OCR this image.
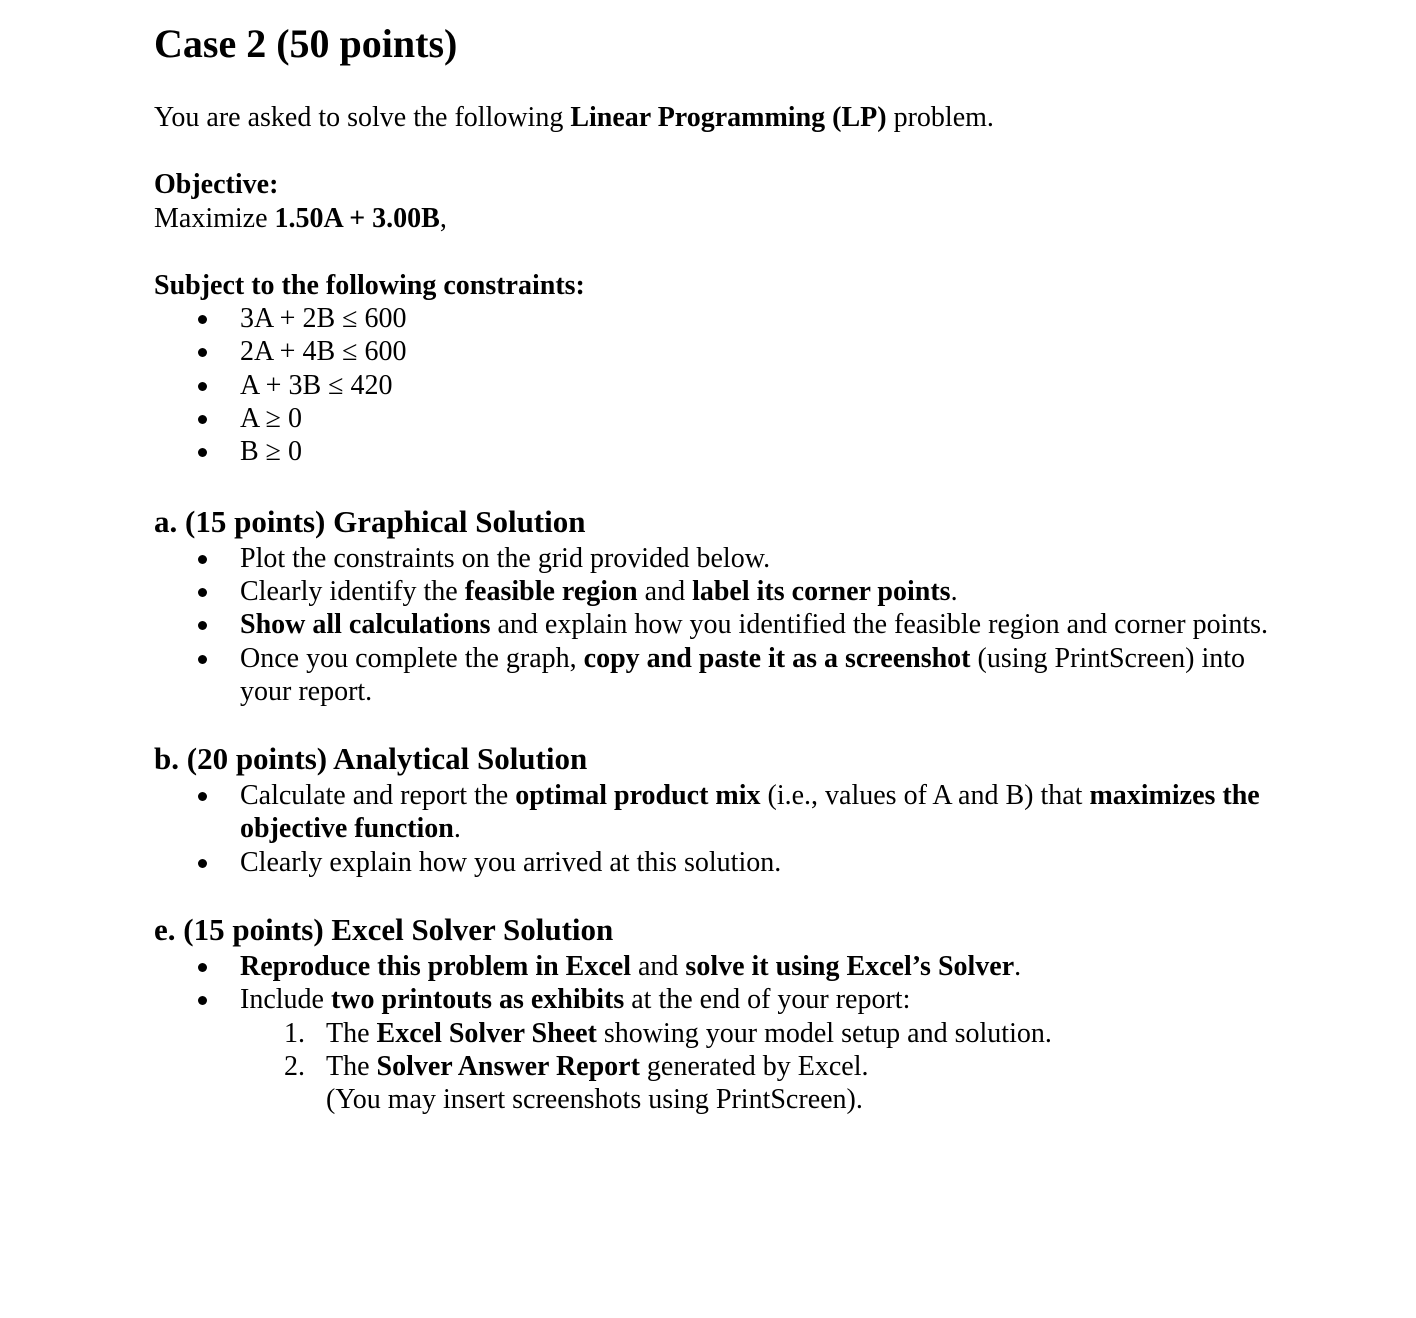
Case 2 (50 points)

You are asked to solve the following Linear Programming (LP) problem.

Objective:

Maximize 1.50A + 3.00B,

Subject to the following constraints:

3A + 2B ≤ 600
2A + 4B ≤ 600
A + 3B ≤ 420
A ≥ 0
B ≥ 0
a. (15 points) Graphical Solution
Plot the constraints on the grid provided below.
Clearly identify the feasible region and label its corner points.
Show all calculations and explain how you identified the feasible region and corner points.
Once you complete the graph, copy and paste it as a screenshot (using PrintScreen) into your report.
b. (20 points) Analytical Solution
Calculate and report the optimal product mix (i.e., values of A and B) that maximizes the objective function.
Clearly explain how you arrived at this solution.
e. (15 points) Excel Solver Solution
Reproduce this problem in Excel and solve it using Excel’s Solver.
Include two printouts as exhibits at the end of your report:
1. The Excel Solver Sheet showing your model setup and solution.
2. The Solver Answer Report generated by Excel.
(You may insert screenshots using PrintScreen).
